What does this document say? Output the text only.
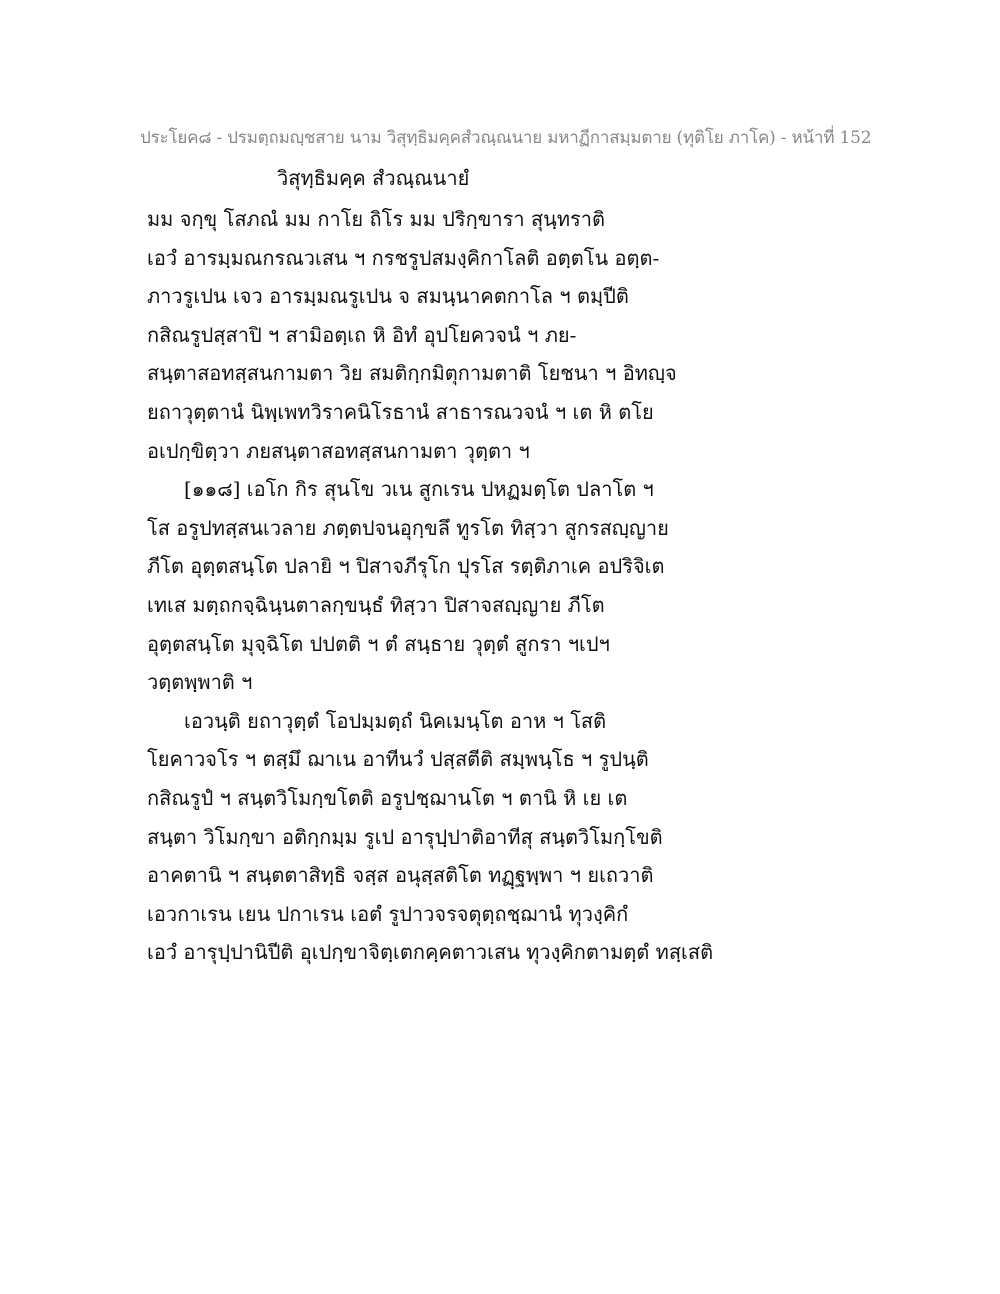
ประโยค๘ - ปรมตฺถมญฺชสาย นาม วิสุทฺธิมคฺคสํวณฺณนาย มหาฏีกาสมฺมตาย (ทุติโย ภาโค) - หน้าที่ 152
วิสุทฺธิมคฺค สํวณฺณนายํ
มม จกฺขุ โสภณํ มม กาโย ถิโร มม ปริกฺขารา สุนฺทราติ
เอวํ อารมฺมณกรณวเสน ฯ กรชรูปสมงฺคิกาโลติ อตฺตโน อตฺต-
ภาวรูเปน เจว อารมฺมณรูเปน จ สมนฺนาคตกาโล ฯ ตมฺปีติ
กสิณรูปสฺสาปิ ฯ สามิอตฺเถ หิ อิทํ อุปโยควจนํ ฯ ภย-
สนฺตาสอทสฺสนกามตา วิย สมติกฺกมิตุกามตาติ โยชนา ฯ อิทญฺจ
ยถาวุตฺตานํ นิพฺเพทวิราคนิโรธานํ สาธารณวจนํ ฯ เต หิ ตโย
อเปกฺขิตฺวา ภยสนฺตาสอทสฺสนกามตา วุตฺตา ฯ
[๑๑๘] เอโก กิร สุนโข วเน สูกเรน ปหฏมตฺโต ปลาโต ฯ
โส อรูปทสฺสนเวลาย ภตฺตปจนอุกฺขลึ ทูรโต ทิสฺวา สูกรสญฺญาย
ภีโต อุตฺตสนฺโต ปลายิ ฯ ปิสาจภีรุโก ปุรโส รตฺติภาเค อปริจิเต
เทเส มตฺถกจฺฉินฺนตาลกฺขนฺธํ ทิสฺวา ปิสาจสญฺญาย ภีโต
อุตฺตสนฺโต มุจฺฉิโต ปปตติ ฯ ตํ สนฺธาย วุตฺตํ สูกรา ฯเปฯ
วตฺตพฺพาติ ฯ
เอวนฺติ ยถาวุตฺตํ โอปมฺมตฺถํ นิคเมนฺโต อาห ฯ โสติ
โยคาวจโร ฯ ตสฺมึ ฌาเน อาทีนวํ ปสฺสตีติ สมฺพนฺโธ ฯ รูปนฺติ
กสิณรูปํ ฯ สนฺตวิโมกฺขโตติ อรูปชฺฌานโต ฯ ตานิ หิ เย เต
สนฺตา วิโมกฺขา อติกฺกมฺม รูเป อารุปฺปาติอาทีสุ สนฺตวิโมกฺโขติ
อาคตานิ ฯ สนฺตตาสิทฺธิ จสฺส อนุสฺสติโต ทฏฺฐพฺพา ฯ ยเถวาติ
เอวกาเรน เยน ปกาเรน เอตํ รูปาวจรจตุตฺถชฺฌานํ ทุวงฺคิกํ
เอวํ อารุปฺปานิปีติ อุเปกฺขาจิตฺเตกคฺคตาวเสน ทุวงฺคิกตามตฺตํ ทสฺเสติ
